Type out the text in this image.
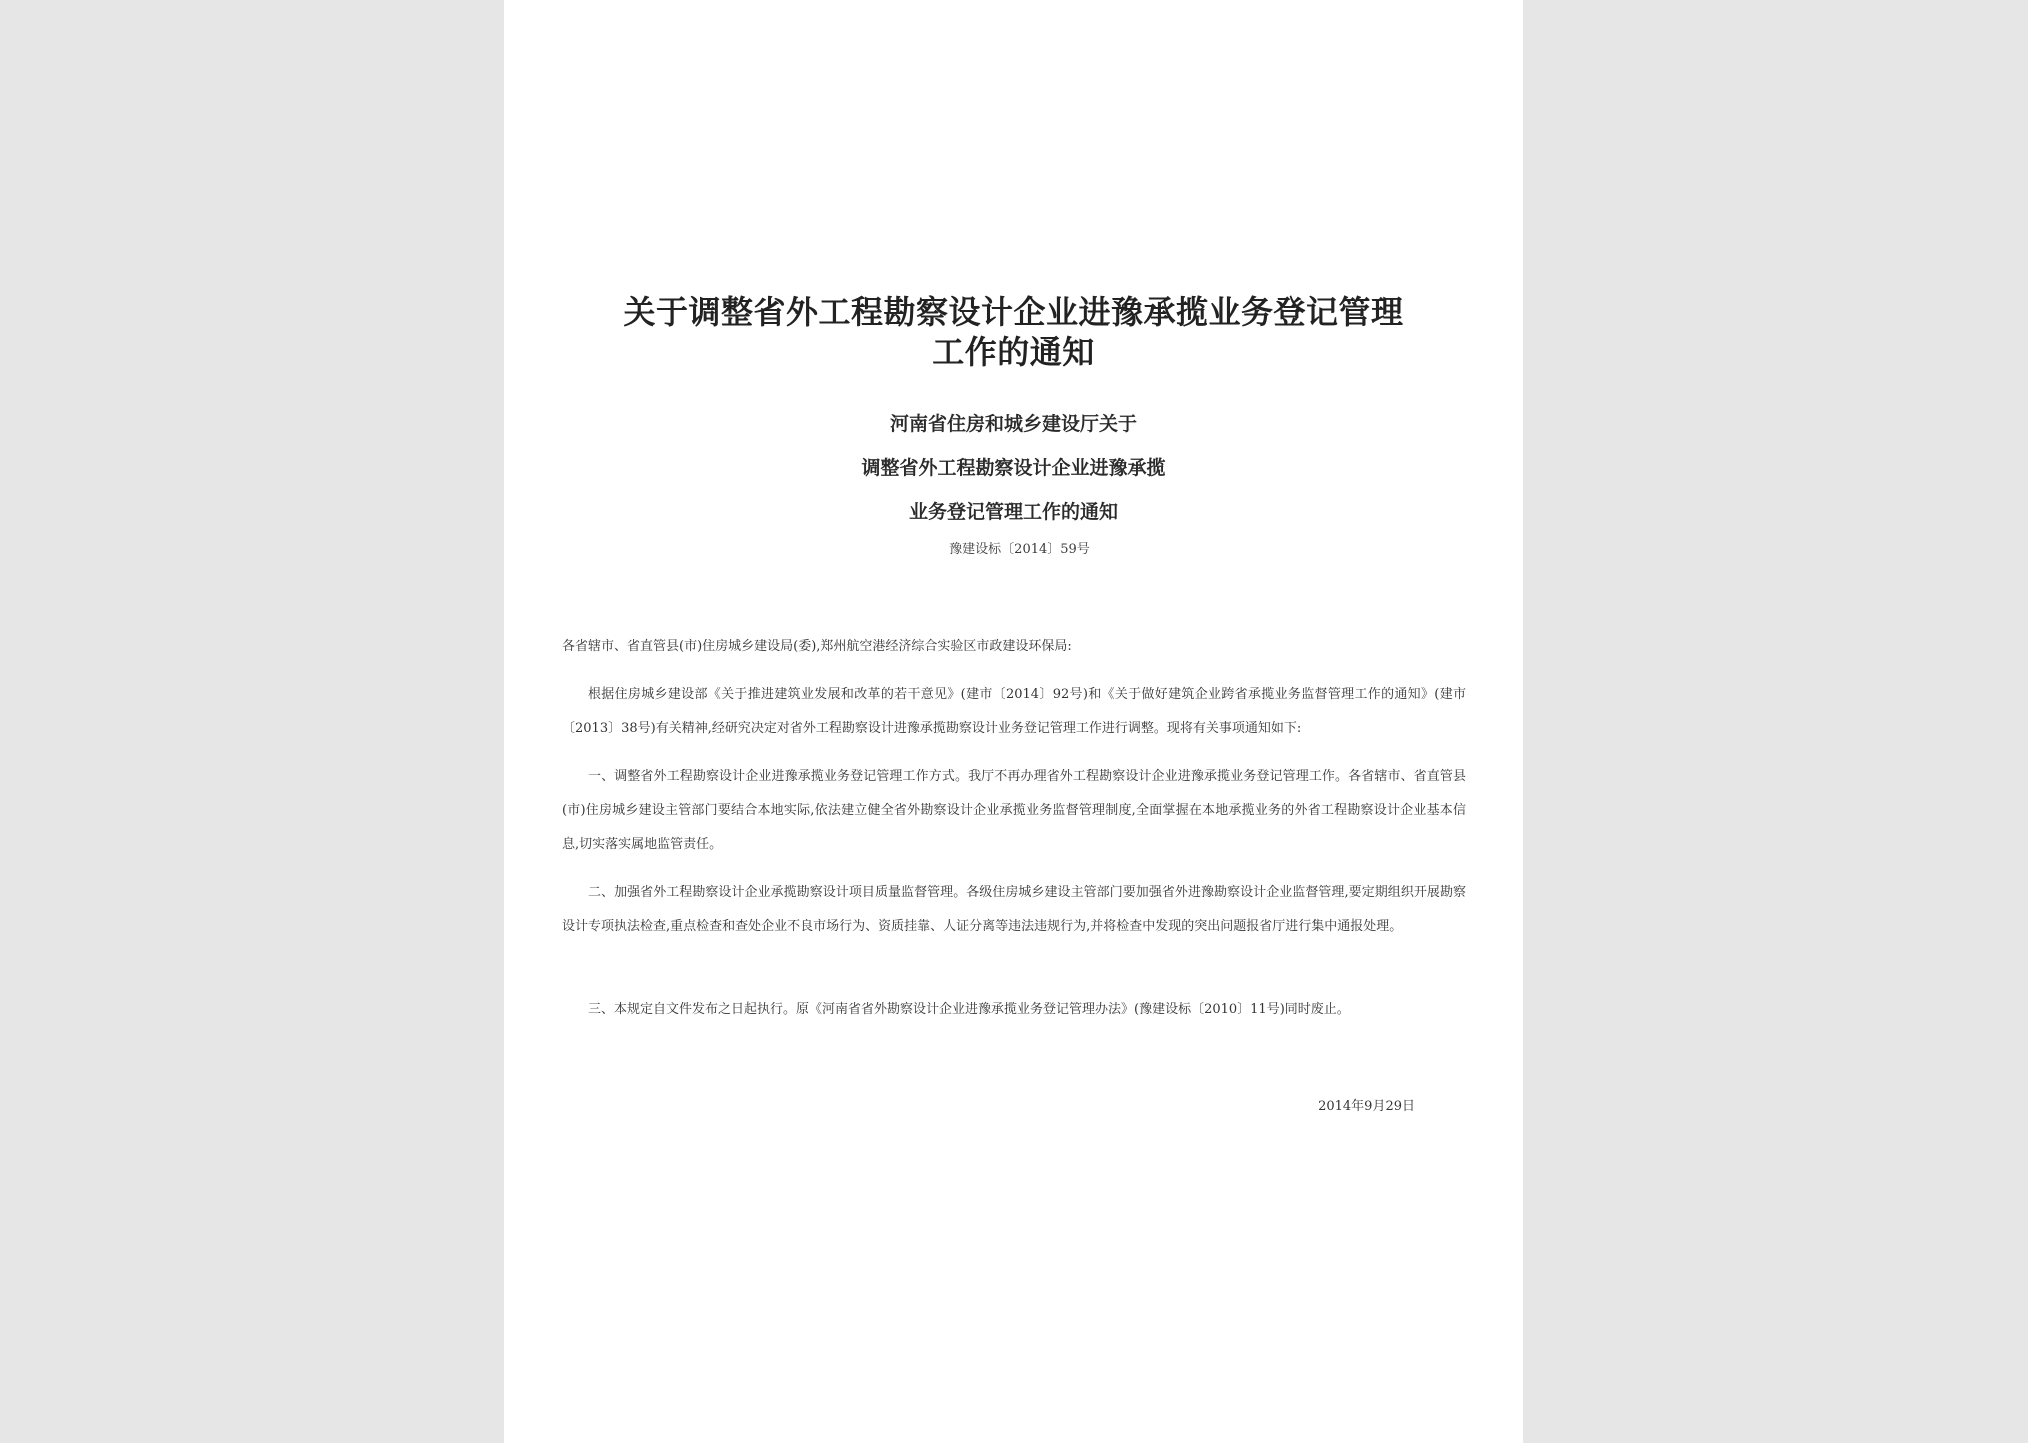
关于调整省外工程勘察设计企业进豫承揽业务登记管理
工作的通知
河南省住房和城乡建设厅关于
调整省外工程勘察设计企业进豫承揽
业务登记管理工作的通知
豫建设标〔2014〕59号

各省辖市、省直管县(市)住房城乡建设局(委),郑州航空港经济综合实验区市政建设环保局:

根据住房城乡建设部《关于推进建筑业发展和改革的若干意见》(建市〔2014〕92号)和《关于做好建筑企业跨省承揽业务监督管理工作的通知》(建市〔2013〕38号)有关精神,经研究决定对省外工程勘察设计进豫承揽勘察设计业务登记管理工作进行调整。现将有关事项通知如下:

一、调整省外工程勘察设计企业进豫承揽业务登记管理工作方式。我厅不再办理省外工程勘察设计企业进豫承揽业务登记管理工作。各省辖市、省直管县(市)住房城乡建设主管部门要结合本地实际,依法建立健全省外勘察设计企业承揽业务监督管理制度,全面掌握在本地承揽业务的外省工程勘察设计企业基本信息,切实落实属地监管责任。

二、加强省外工程勘察设计企业承揽勘察设计项目质量监督管理。各级住房城乡建设主管部门要加强省外进豫勘察设计企业监督管理,要定期组织开展勘察设计专项执法检查,重点检查和查处企业不良市场行为、资质挂靠、人证分离等违法违规行为,并将检查中发现的突出问题报省厅进行集中通报处理。

三、本规定自文件发布之日起执行。原《河南省省外勘察设计企业进豫承揽业务登记管理办法》(豫建设标〔2010〕11号)同时废止。

2014年9月29日
